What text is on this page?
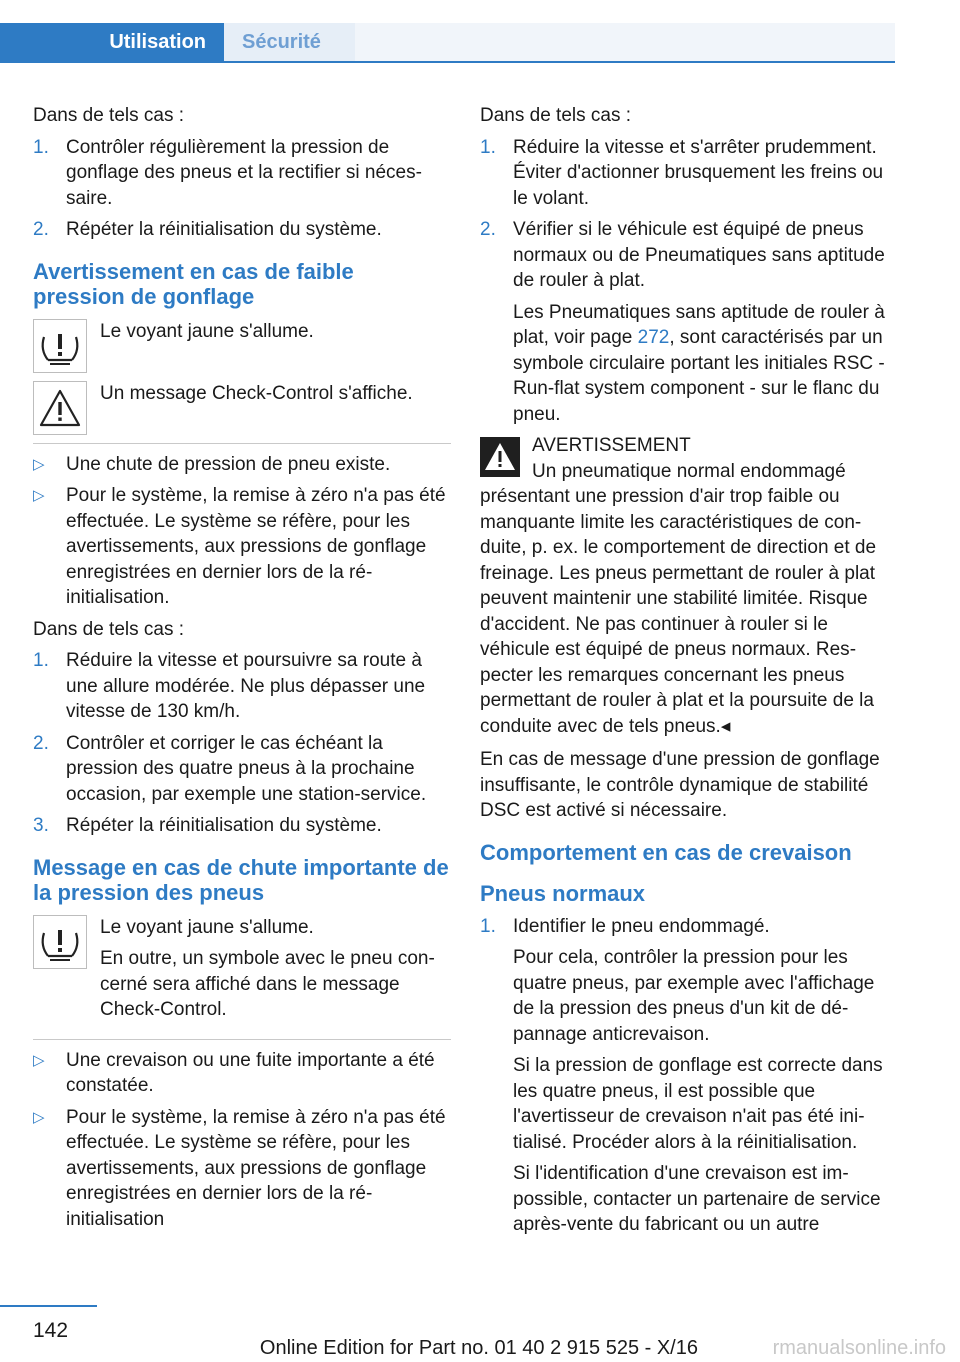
Utilisation	Sécurité

Dans de tels cas :

1. Contrôler régulièrement la pression de gonflage des pneus et la rectifier si nécessaire.
2. Répéter la réinitialisation du système.
Avertissement en cas de faible pression de gonflage
Le voyant jaune s'allume.
Un message Check-Control s'affiche.
▷ Une chute de pression de pneu existe.
▷ Pour le système, la remise à zéro n'a pas été effectuée. Le système se réfère, pour les avertissements, aux pressions de gonflage enregistrées en dernier lors de la réinitialisation.

Dans de tels cas :

1. Réduire la vitesse et poursuivre sa route à une allure modérée. Ne plus dépasser une vitesse de 130 km/h.
2. Contrôler et corriger le cas échéant la pression des quatre pneus à la prochaine occasion, par exemple une station-service.
3. Répéter la réinitialisation du système.
Message en cas de chute importante de la pression des pneus
Le voyant jaune s'allume.
En outre, un symbole avec le pneu concerné sera affiché dans le message Check-Control.
▷ Une crevaison ou une fuite importante a été constatée.
▷ Pour le système, la remise à zéro n'a pas été effectuée. Le système se réfère, pour les avertissements, aux pressions de gonflage enregistrées en dernier lors de la réinitialisation

Dans de tels cas :

1. Réduire la vitesse et s'arrêter prudemment. Éviter d'actionner brusquement les freins ou le volant.
2. Vérifier si le véhicule est équipé de pneus normaux ou de Pneumatiques sans aptitude de rouler à plat.
Les Pneumatiques sans aptitude de rouler à plat, voir page 272, sont caractérisés par un symbole circulaire portant les initiales RSC - Run-flat system component - sur le flanc du pneu.
AVERTISSEMENT
Un pneumatique normal endommagé présentant une pression d'air trop faible ou manquante limite les caractéristiques de conduite, p. ex. le comportement de direction et de freinage. Les pneus permettant de rouler à plat peuvent maintenir une stabilité limitée. Risque d'accident. Ne pas continuer à rouler si le véhicule est équipé de pneus normaux. Respecter les remarques concernant les pneus permettant de rouler à plat et la poursuite de la conduite avec de tels pneus.◂

En cas de message d'une pression de gonflage insuffisante, le contrôle dynamique de stabilité DSC est activé si nécessaire.

Comportement en cas de crevaison
Pneus normaux
1. Identifier le pneu endommagé.
Pour cela, contrôler la pression pour les quatre pneus, par exemple avec l'affichage de la pression des pneus d'un kit de dépannage anticrevaison.
Si la pression de gonflage est correcte dans les quatre pneus, il est possible que l'avertisseur de crevaison n'ait pas été initialisé. Procéder alors à la réinitialisation.
Si l'identification d'une crevaison est impossible, contacter un partenaire de service après-vente du fabricant ou un autre
142
Online Edition for Part no. 01 40 2 915 525 - X/16	rmanualsonline.info
